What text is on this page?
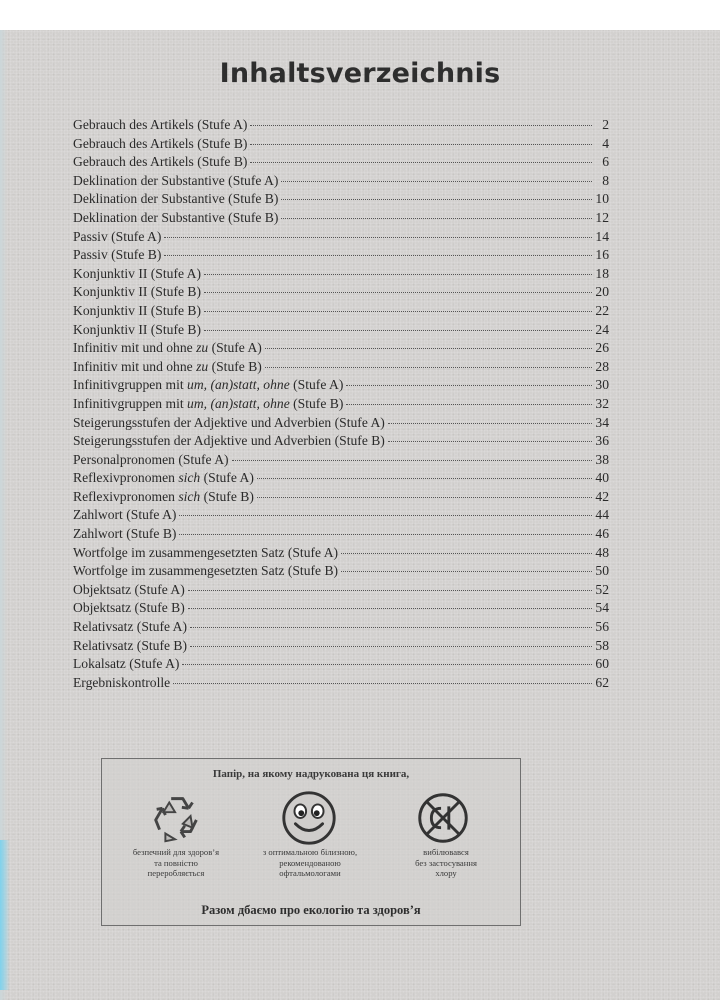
Inhaltsverzeichnis
Gebrauch des Artikels (Stufe A)	2
Gebrauch des Artikels (Stufe B)	4
Gebrauch des Artikels (Stufe B)	6
Deklination der Substantive (Stufe A)	8
Deklination der Substantive (Stufe B)	10
Deklination der Substantive (Stufe B)	12
Passiv (Stufe A)	14
Passiv (Stufe B)	16
Konjunktiv II (Stufe A)	18
Konjunktiv II (Stufe B)	20
Konjunktiv II (Stufe B)	22
Konjunktiv II (Stufe B)	24
Infinitiv mit und ohne zu (Stufe A)	26
Infinitiv mit und ohne zu (Stufe B)	28
Infinitivgruppen mit um, (an)statt, ohne (Stufe A)	30
Infinitivgruppen mit um, (an)statt, ohne (Stufe B)	32
Steigerungsstufen der Adjektive und Adverbien (Stufe A)	34
Steigerungsstufen der Adjektive und Adverbien (Stufe B)	36
Personalpronomen (Stufe A)	38
Reflexivpronomen sich (Stufe A)	40
Reflexivpronomen sich (Stufe B)	42
Zahlwort (Stufe A)	44
Zahlwort (Stufe B)	46
Wortfolge im zusammengesetzten Satz (Stufe A)	48
Wortfolge im zusammengesetzten Satz (Stufe B)	50
Objektsatz (Stufe A)	52
Objektsatz (Stufe B)	54
Relativsatz (Stufe A)	56
Relativsatz (Stufe B)	58
Lokalsatz (Stufe A)	60
Ergebniskontrolle	62
Папір, на якому надрукована ця книга,
безпечний для здоров’я
та повністю
переробляється
з оптимальною білизною,
рекомендованою
офтальмологами
вибілювався
без застосування
хлору
Разом дбаємо про екологію та здоров’я
